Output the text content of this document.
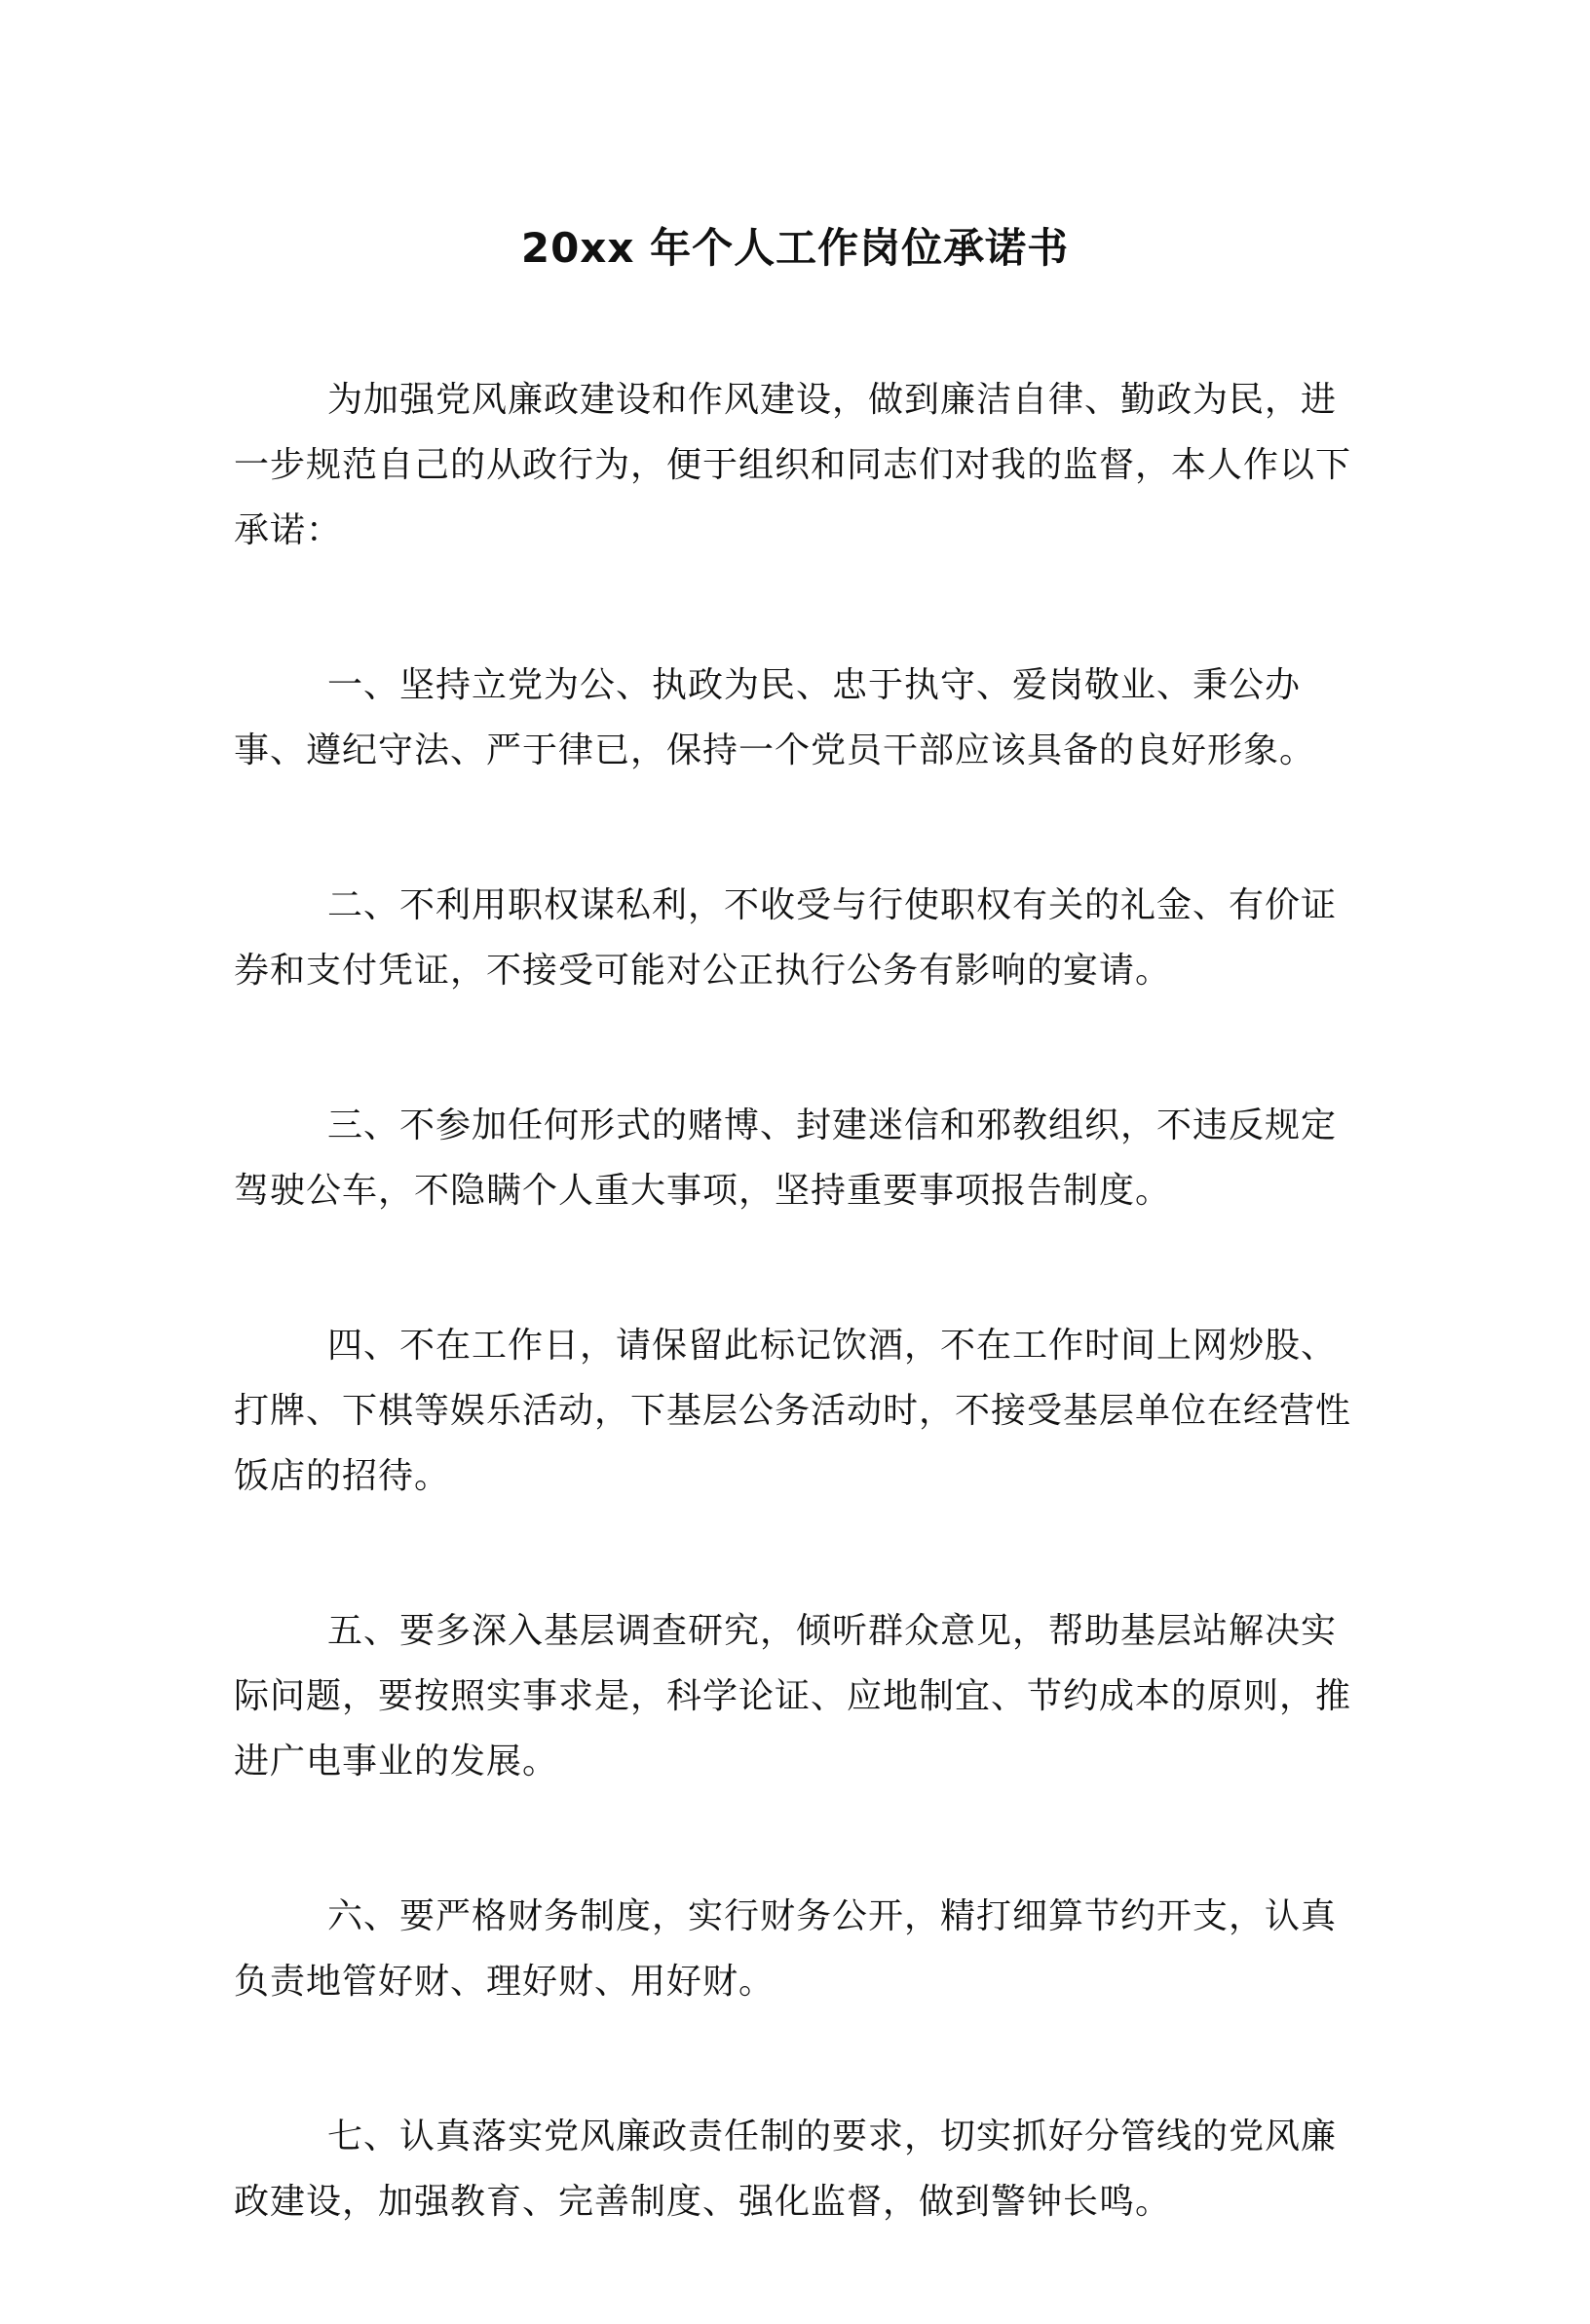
20xx 年个人工作岗位承诺书

为加强党风廉政建设和作风建设，做到廉洁自律、勤政为民，进一步规范自己的从政行为，便于组织和同志们对我的监督，本人作以下承诺：

一、坚持立党为公、执政为民、忠于执守、爱岗敬业、秉公办事、遵纪守法、严于律已，保持一个党员干部应该具备的良好形象。

二、不利用职权谋私利，不收受与行使职权有关的礼金、有价证券和支付凭证，不接受可能对公正执行公务有影响的宴请。

三、不参加任何形式的赌博、封建迷信和邪教组织，不违反规定驾驶公车，不隐瞒个人重大事项，坚持重要事项报告制度。

四、不在工作日，请保留此标记饮酒，不在工作时间上网炒股、打牌、下棋等娱乐活动，下基层公务活动时，不接受基层单位在经营性饭店的招待。

五、要多深入基层调查研究，倾听群众意见，帮助基层站解决实际问题，要按照实事求是，科学论证、应地制宜、节约成本的原则，推进广电事业的发展。

六、要严格财务制度，实行财务公开，精打细算节约开支，认真负责地管好财、理好财、用好财。

七、认真落实党风廉政责任制的要求，切实抓好分管线的党风廉政建设，加强教育、完善制度、强化监督，做到警钟长鸣。
